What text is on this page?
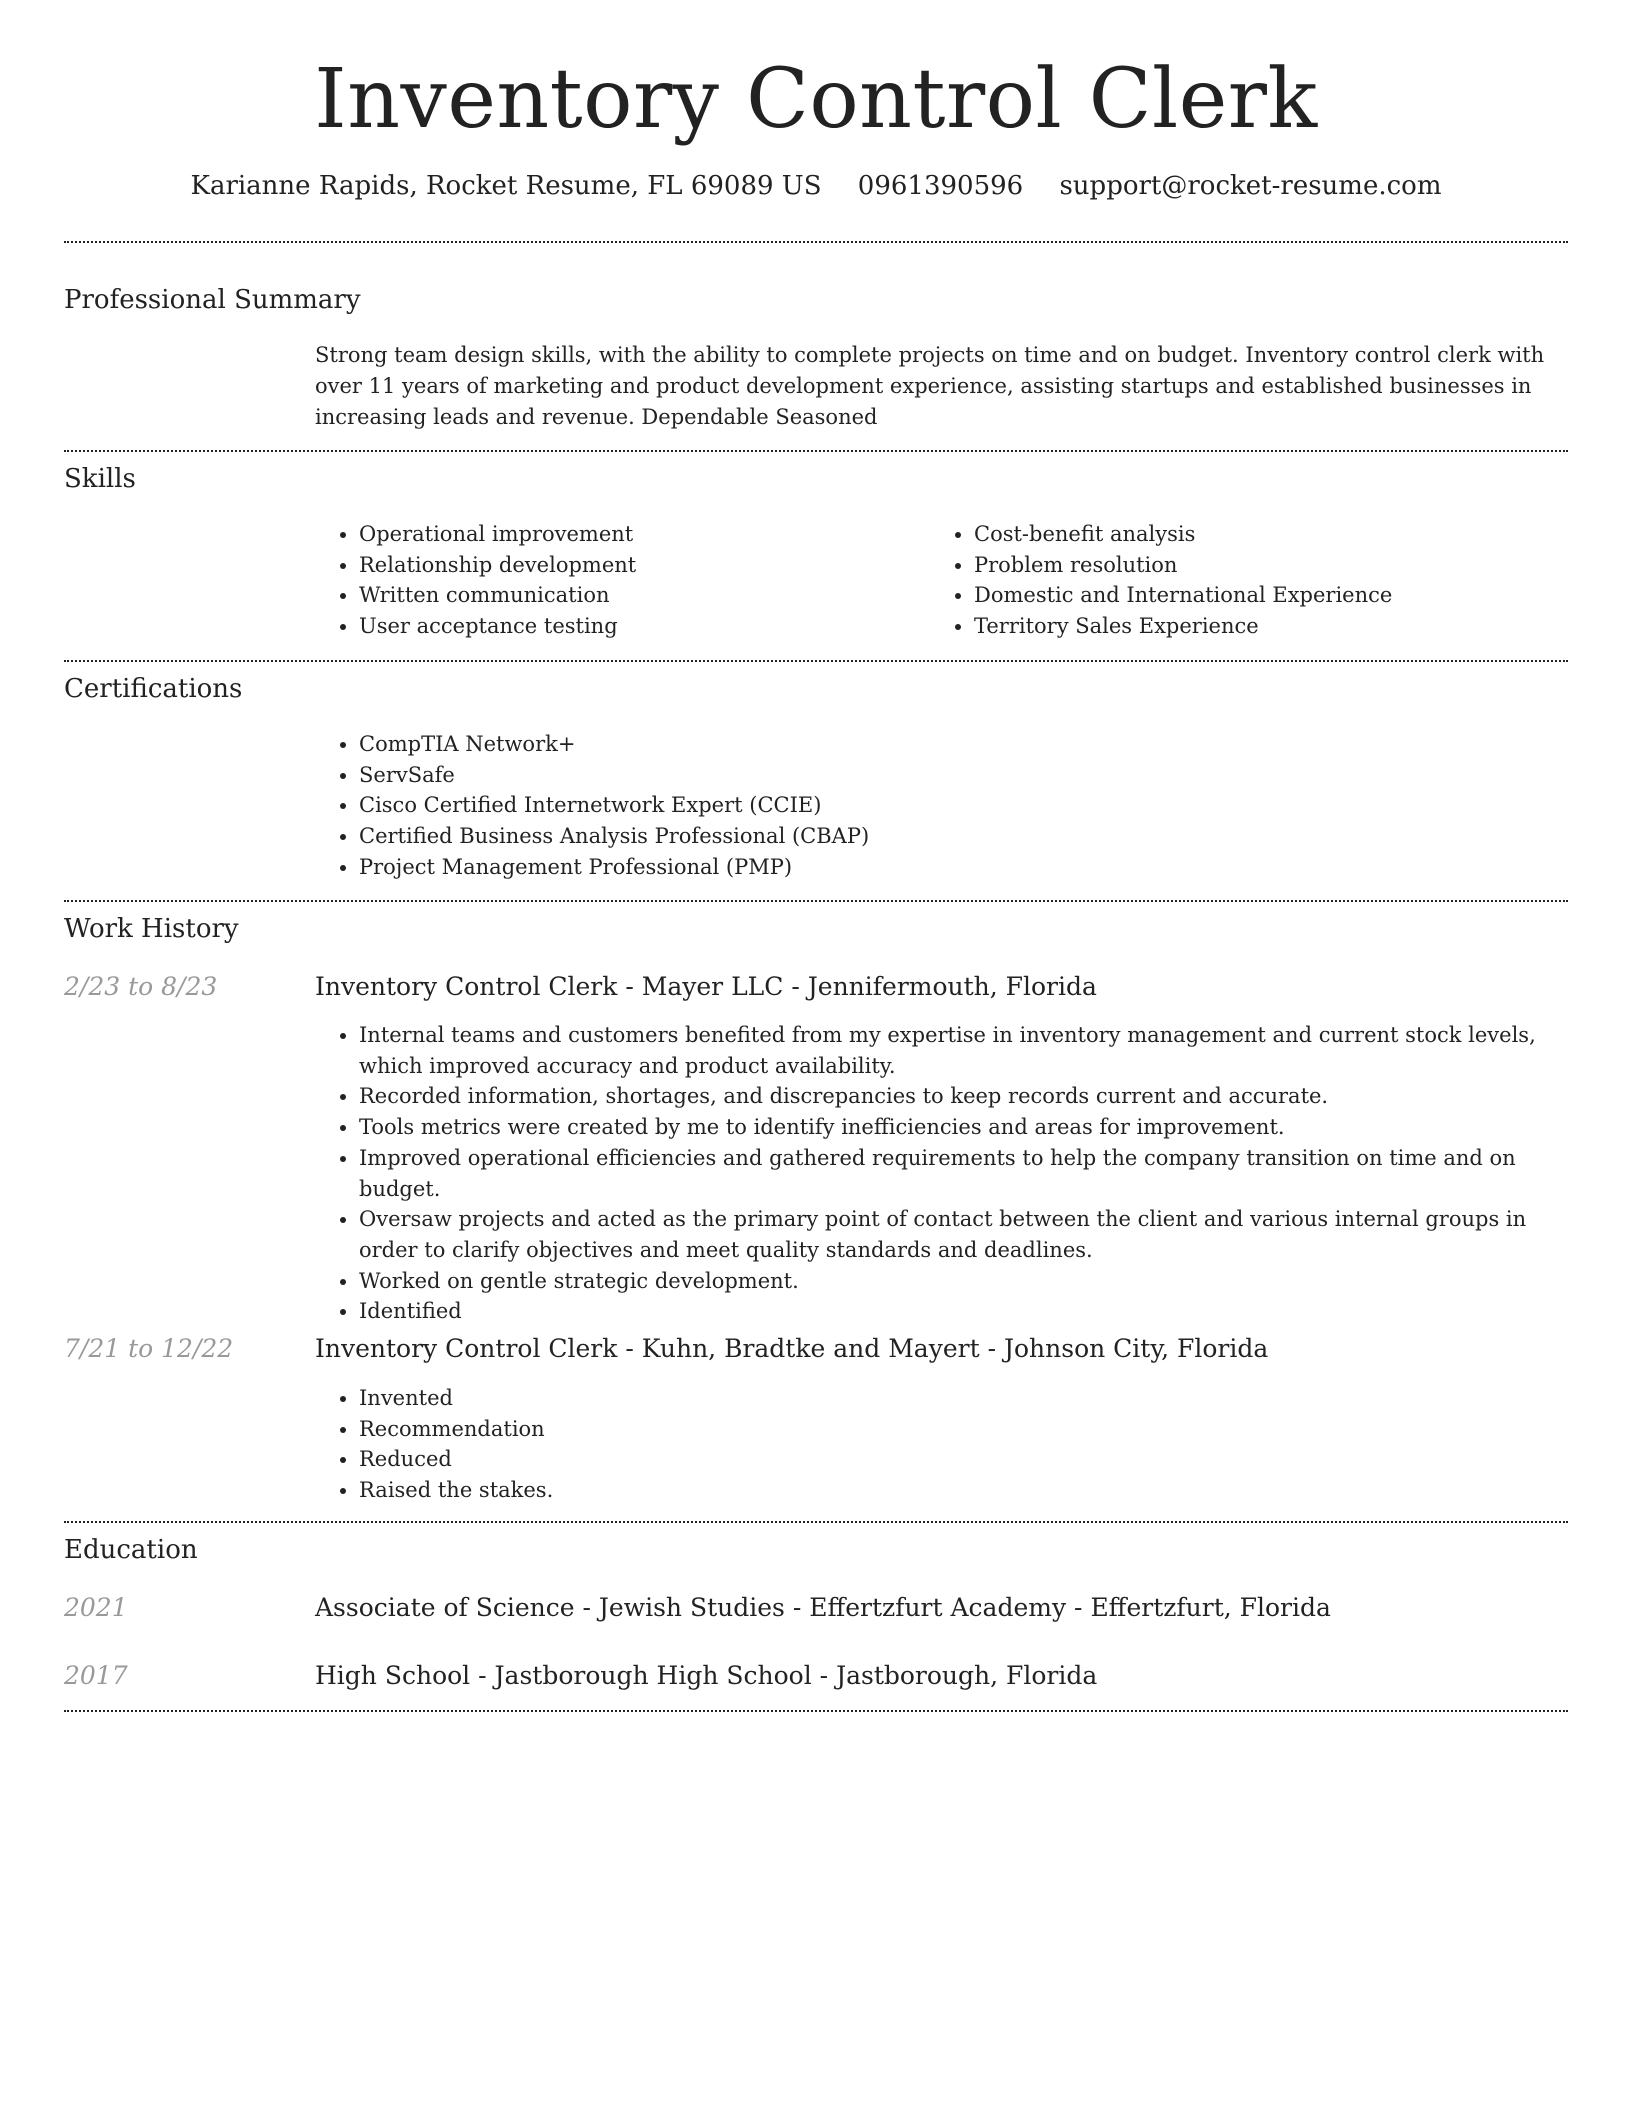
Inventory Control Clerk
Karianne Rapids, Rocket Resume, FL 69089 US 0961390596 support@rocket-resume.com
Professional Summary

Strong team design skills, with the ability to complete projects on time and on budget. Inventory control clerk with over 11 years of marketing and product development experience, assisting startups and established businesses in increasing leads and revenue. Dependable Seasoned

Skills
• Operational improvement
• Relationship development
• Written communication
• User acceptance testing
• Cost-benefit analysis
• Problem resolution
• Domestic and International Experience
• Territory Sales Experience
Certifications
• CompTIA Network+
• ServSafe
• Cisco Certified Internetwork Expert (CCIE)
• Certified Business Analysis Professional (CBAP)
• Project Management Professional (PMP)
Work History
2/23 to 8/23	Inventory Control Clerk - Mayer LLC - Jennifermouth, Florida
• Internal teams and customers benefited from my expertise in inventory management and current stock levels, which improved accuracy and product availability.
• Recorded information, shortages, and discrepancies to keep records current and accurate.
• Tools metrics were created by me to identify inefficiencies and areas for improvement.
• Improved operational efficiencies and gathered requirements to help the company transition on time and on budget.
• Oversaw projects and acted as the primary point of contact between the client and various internal groups in order to clarify objectives and meet quality standards and deadlines.
• Worked on gentle strategic development.
• Identified
7/21 to 12/22	Inventory Control Clerk - Kuhn, Bradtke and Mayert - Johnson City, Florida
• Invented
• Recommendation
• Reduced
• Raised the stakes.
Education
2021	Associate of Science - Jewish Studies - Effertzfurt Academy - Effertzfurt, Florida
2017	High School - Jastborough High School - Jastborough, Florida
